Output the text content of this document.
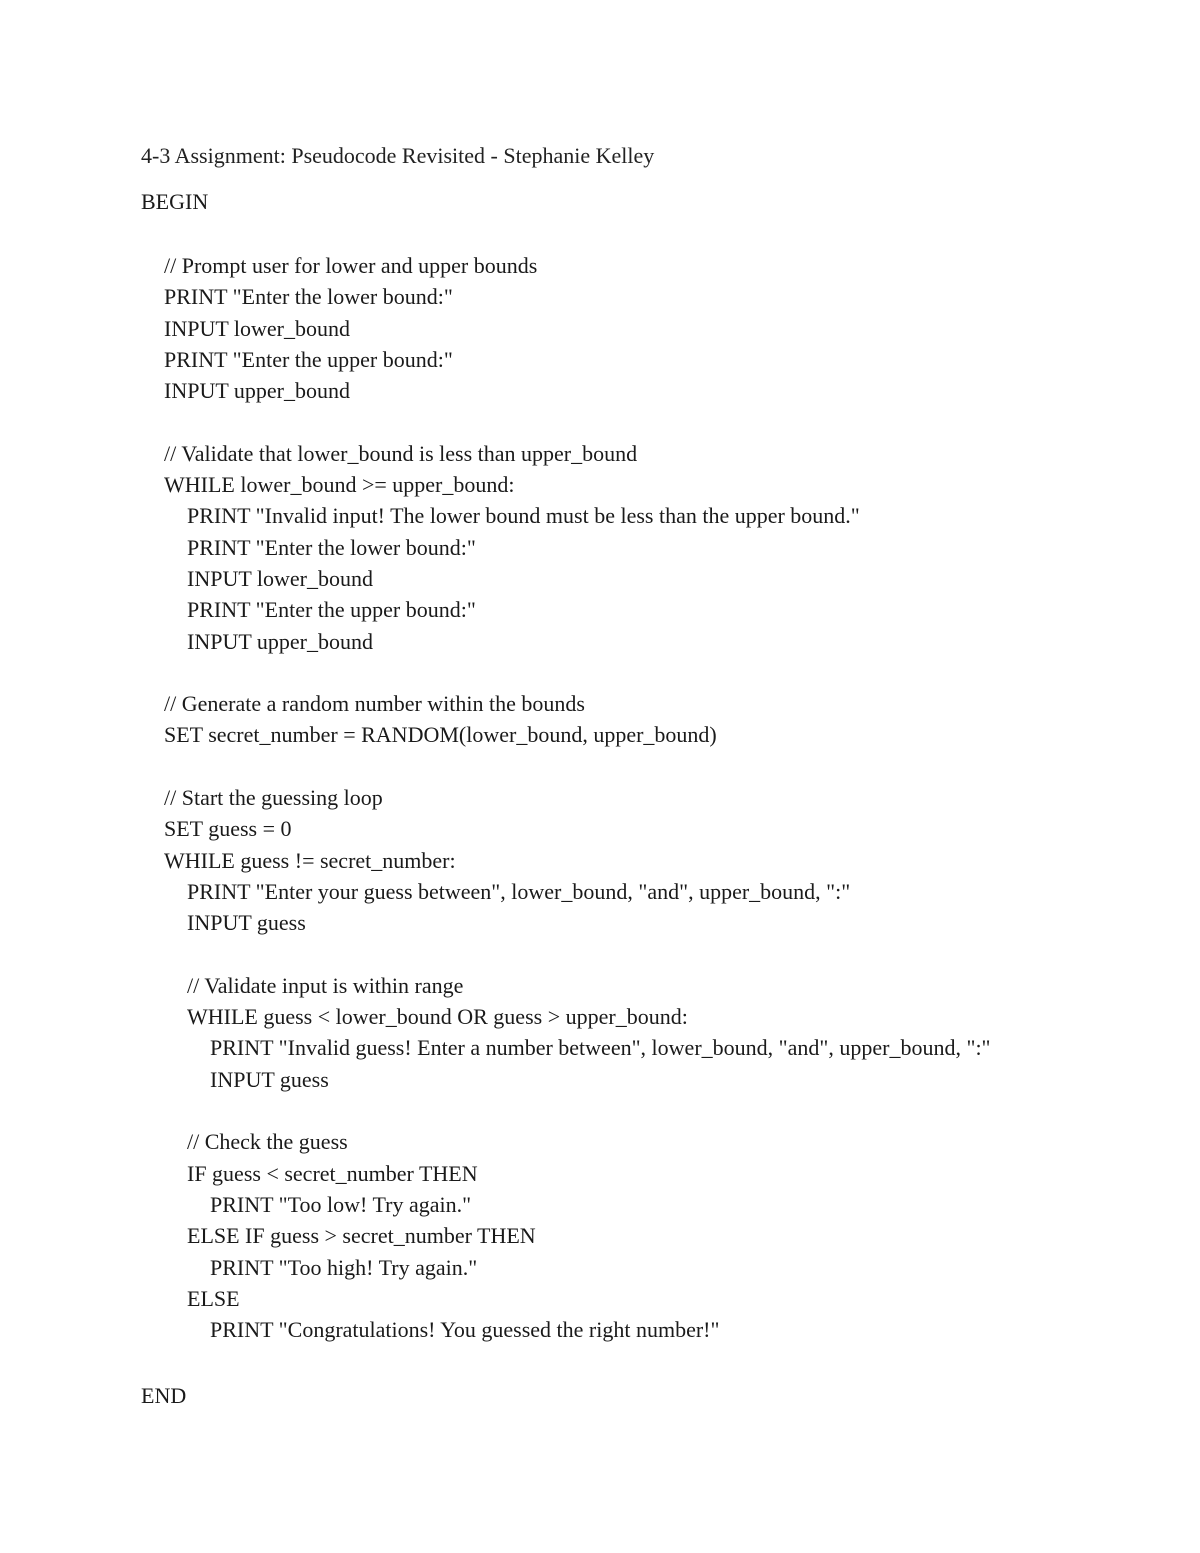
4-3 Assignment: Pseudocode Revisited - Stephanie Kelley
BEGIN
// Prompt user for lower and upper bounds
PRINT "Enter the lower bound:"
INPUT lower_bound
PRINT "Enter the upper bound:"
INPUT upper_bound
// Validate that lower_bound is less than upper_bound
WHILE lower_bound >= upper_bound:
PRINT "Invalid input! The lower bound must be less than the upper bound."
PRINT "Enter the lower bound:"
INPUT lower_bound
PRINT "Enter the upper bound:"
INPUT upper_bound
// Generate a random number within the bounds
SET secret_number = RANDOM(lower_bound, upper_bound)
// Start the guessing loop
SET guess = 0
WHILE guess != secret_number:
PRINT "Enter your guess between", lower_bound, "and", upper_bound, ":"
INPUT guess
// Validate input is within range
WHILE guess < lower_bound OR guess > upper_bound:
PRINT "Invalid guess! Enter a number between", lower_bound, "and", upper_bound, ":"
INPUT guess
// Check the guess
IF guess < secret_number THEN
PRINT "Too low! Try again."
ELSE IF guess > secret_number THEN
PRINT "Too high! Try again."
ELSE
PRINT "Congratulations! You guessed the right number!"
END
